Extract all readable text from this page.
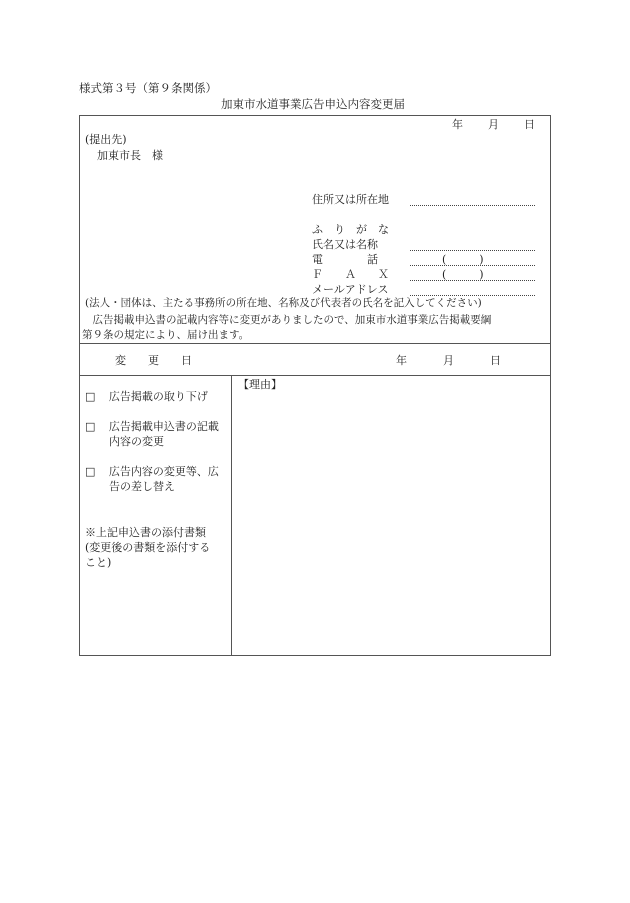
様式第３号（第９条関係）
加東市水道事業広告申込内容変更届
年 月 日
(提出先)
加東市長　様
住所又は所在地
ふ　り　が　な
氏名又は名称
電　　　　話	(　　　)
Ｆ　　Ａ　　Ｘ	(　　　)
メールアドレス
(法人・団体は、主たる事務所の所在地、名称及び代表者の氏名を記入してください)
　広告掲載申込書の記載内容等に変更がありましたので、加東市水道事業広告掲載要綱
第９条の規定により、届け出ます。
変　　更　　日	年	月	日
□ 広告掲載の取り下げ
□ 広告掲載申込書の記載
内容の変更
□ 広告内容の変更等、広
告の差し替え
※上記申込書の添付書類
(変更後の書類を添付する
こと)
【理由】
